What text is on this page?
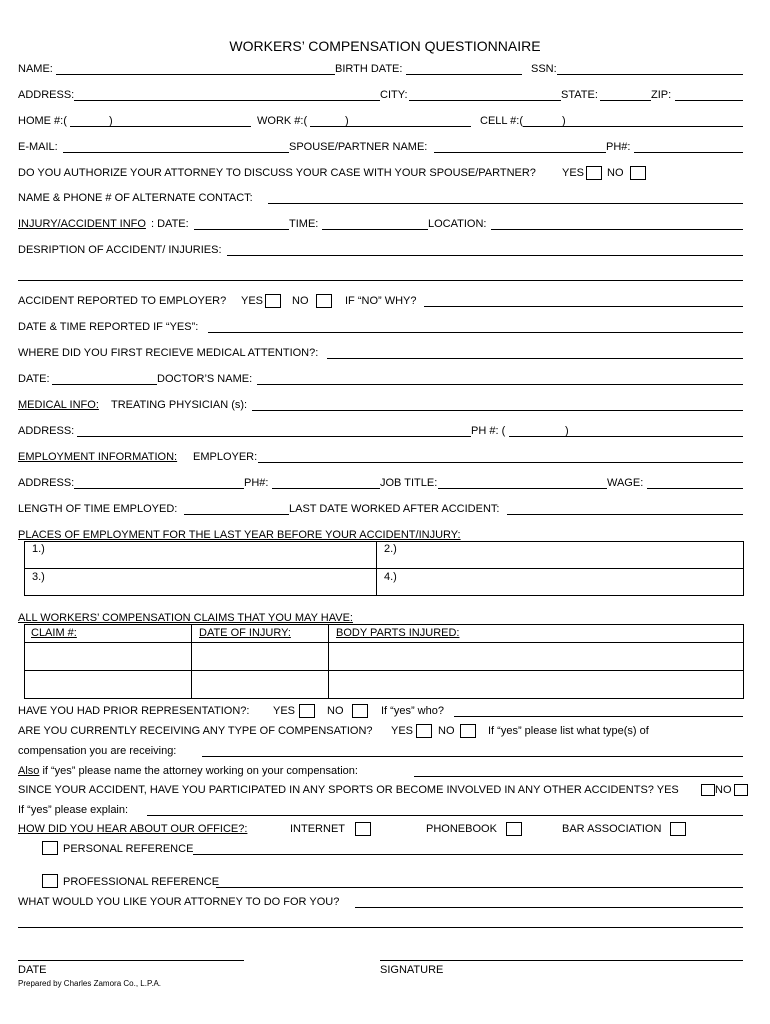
WORKERS’ COMPENSATION QUESTIONNAIRE
NAME:	BIRTH DATE:	SSN:
ADDRESS:	CITY:	STATE:	ZIP:
HOME #:(	)	WORK #:(	)	CELL #:(	)
E-MAIL:	SPOUSE/PARTNER NAME:	PH#:
DO YOU AUTHORIZE YOUR ATTORNEY TO DISCUSS YOUR CASE WITH YOUR SPOUSE/PARTNER? YES NO
NAME & PHONE # OF ALTERNATE CONTACT:
INJURY/ACCIDENT INFO : DATE:	TIME:	LOCATION:
DESRIPTION OF ACCIDENT/ INJURIES:
ACCIDENT REPORTED TO EMPLOYER? YES	NO	IF “NO” WHY?
DATE & TIME REPORTED IF “YES”:
WHERE DID YOU FIRST RECIEVE MEDICAL ATTENTION?:
DATE:	DOCTOR’S NAME:
MEDICAL INFO: TREATING PHYSICIAN (s):
ADDRESS:	PH #: (	)
EMPLOYMENT INFORMATION: EMPLOYER:
ADDRESS:	PH#:	JOB TITLE:	WAGE:
LENGTH OF TIME EMPLOYED:	LAST DATE WORKED AFTER ACCIDENT:
PLACES OF EMPLOYMENT FOR THE LAST YEAR BEFORE YOUR ACCIDENT/INJURY:
1.)	2.)
3.)	4.)
ALL WORKERS’ COMPENSATION CLAIMS THAT YOU MAY HAVE:
CLAIM #:	DATE OF INJURY:	BODY PARTS INJURED:
HAVE YOU HAD PRIOR REPRESENTATION?: YES	NO	If “yes” who?
ARE YOU CURRENTLY RECEIVING ANY TYPE OF COMPENSATION? YES NO	If “yes” please list what type(s) of
compensation you are receiving:
Also if “yes” please name the attorney working on your compensation:
SINCE YOUR ACCIDENT, HAVE YOU PARTICIPATED IN ANY SPORTS OR BECOME INVOLVED IN ANY OTHER ACCIDENTS? YES	NO
If “yes” please explain:
HOW DID YOU HEAR ABOUT OUR OFFICE?:	INTERNET	PHONEBOOK	BAR ASSOCIATION
PERSONAL REFERENCE
PROFESSIONAL REFERENCE
WHAT WOULD YOU LIKE YOUR ATTORNEY TO DO FOR YOU?
DATE	SIGNATURE
Prepared by Charles Zamora Co., L.P.A.
